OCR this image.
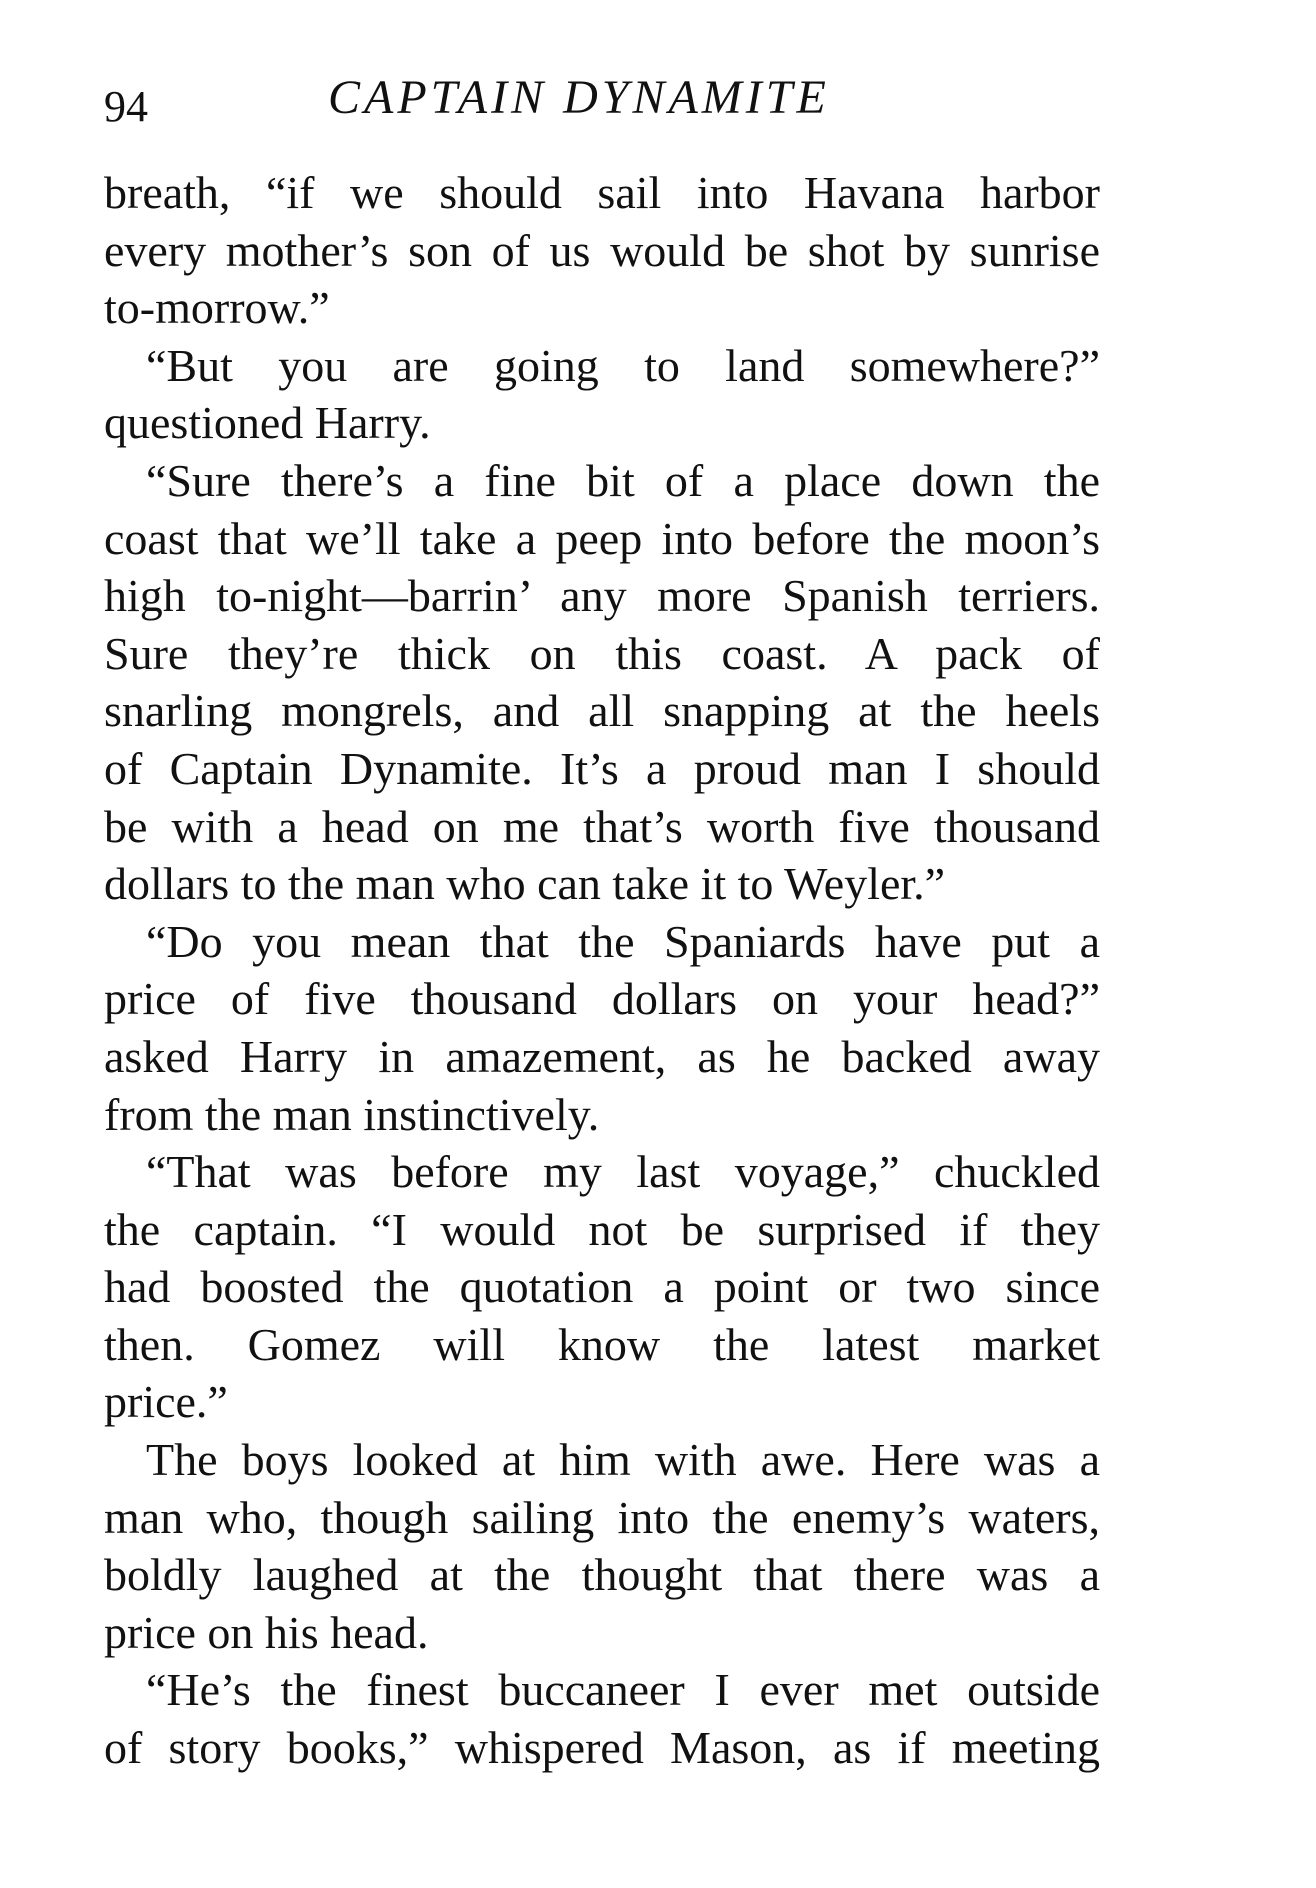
94	CAPTAIN DYNAMITE
breath, “if we should sail into Havana harbor
every mother’s son of us would be shot by sunrise
to-morrow.”
“But you are going to land somewhere?”
questioned Harry.
“Sure there’s a fine bit of a place down the
coast that we’ll take a peep into before the moon’s
high to-night—barrin’ any more Spanish terriers.
Sure they’re thick on this coast. A pack of
snarling mongrels, and all snapping at the heels
of Captain Dynamite. It’s a proud man I should
be with a head on me that’s worth five thousand
dollars to the man who can take it to Weyler.”
“Do you mean that the Spaniards have put a
price of five thousand dollars on your head?”
asked Harry in amazement, as he backed away
from the man instinctively.
“That was before my last voyage,” chuckled
the captain. “I would not be surprised if they
had boosted the quotation a point or two since
then. Gomez will know the latest market
price.”
The boys looked at him with awe. Here was a
man who, though sailing into the enemy’s waters,
boldly laughed at the thought that there was a
price on his head.
“He’s the finest buccaneer I ever met outside
of story books,” whispered Mason, as if meeting
